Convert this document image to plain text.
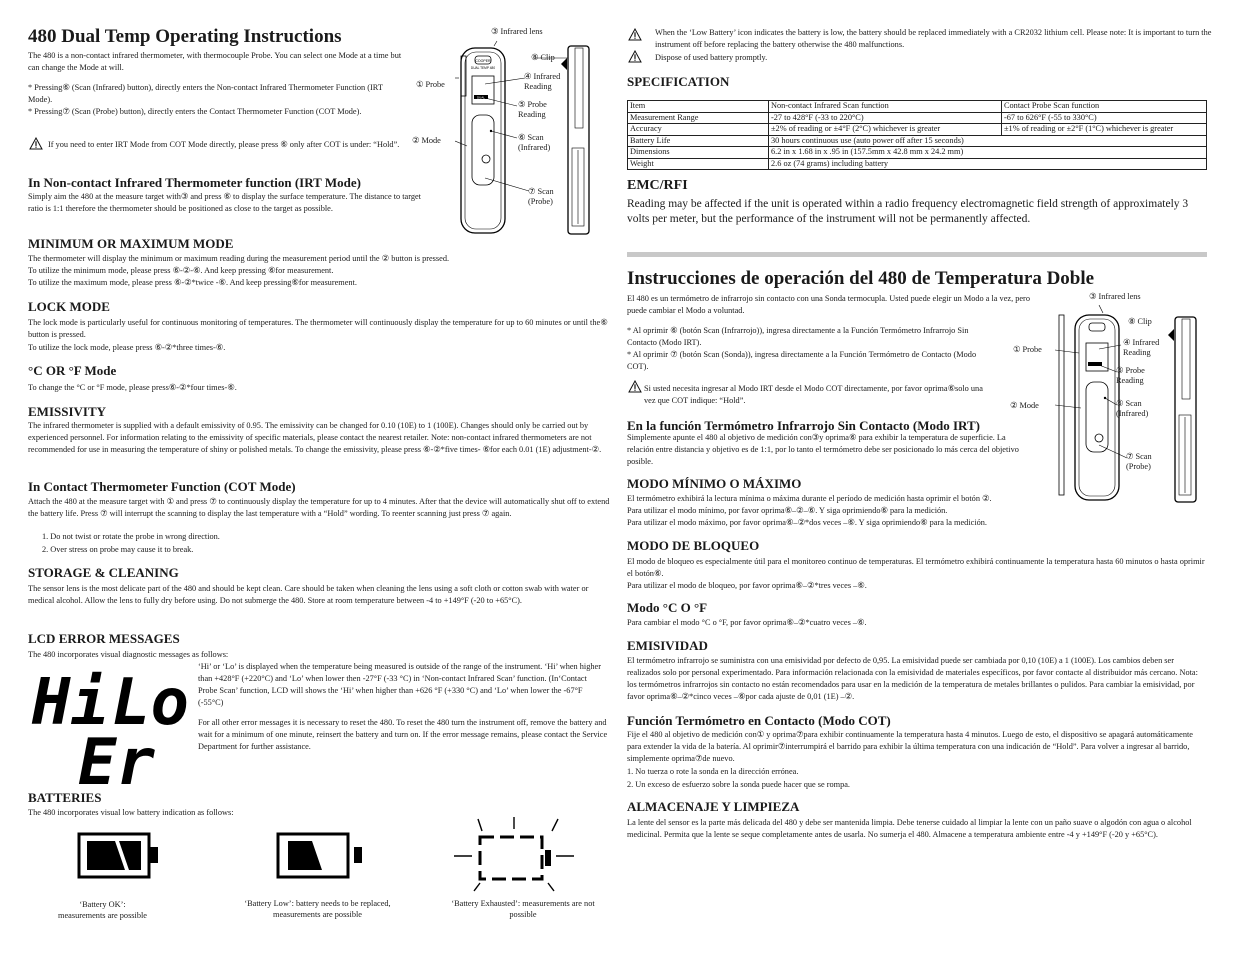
480 Dual Temp Operating Instructions
The 480 is a non-contact infrared thermometer, with thermocouple Probe. You can select one Mode at a time but can change the Mode at will.
* Pressing⑥ (Scan (Infrared) button), directly enters the Non-contact Infrared Thermometer Function (IRT Mode).
* Pressing⑦ (Scan (Probe) button), directly enters the Contact Thermometer Function (COT Mode).
If you need to enter IRT Mode from COT Mode directly, please press ⑥ only after COT is under: “Hold”.
In Non-contact Infrared Thermometer function (IRT Mode)
Simply aim the 480 at the measure target with③ and press ⑥ to display the surface temperature. The distance to target ratio is 1:1 therefore the thermometer should be positioned as close to the target as possible.
MINIMUM OR MAXIMUM MODE
The thermometer will display the minimum or maximum reading during the measurement period until the ② button is pressed.
To utilize the minimum mode, please press ⑥-②-⑥. And keep pressing ⑥for measurement.
To utilize the maximum mode, please press ⑥-②*twice -⑥. And keep pressing⑥for measurement.
LOCK MODE
The lock mode is particularly useful for continuous monitoring of temperatures. The thermometer will continuously display the temperature for up to 60 minutes or until the⑥ button is pressed.
To utilize the lock mode, please press ⑥-②*three times-⑥.
°C OR °F Mode
To change the °C or °F mode, please press⑥-②*four times-⑥.
EMISSIVITY
The infrared thermometer is supplied with a default emissivity of 0.95. The emissivity can be changed for 0.10 (10E) to 1 (100E). Changes should only be carried out by experienced personnel. For information relating to the emissivity of specific materials, please contact the nearest retailer. Note: non-contact infrared thermometers are not recommended for use in measuring the temperature of shiny or polished metals. To change the emissivity, please press ⑥-②*five times- ⑥for each 0.01 (1E) adjustment-②.
In Contact Thermometer Function (COT Mode)
Attach the 480 at the measure target with ① and press ⑦ to continuously display the temperature for up to 4 minutes. After that the device will automatically shut off to extend the battery life. Press ⑦ will interrupt the scanning to display the last temperature with a “Hold” wording. To reenter scanning just press ⑦ again.
1. Do not twist or rotate the probe in wrong direction.
2. Over stress on probe may cause it to break.
STORAGE & CLEANING
The sensor lens is the most delicate part of the 480 and should be kept clean. Care should be taken when cleaning the lens using a soft cloth or cotton swab with water or medical alcohol. Allow the lens to fully dry before using. Do not submerge the 480. Store at room temperature between -4 to +149°F (-20 to +65°C).
LCD ERROR MESSAGES
The 480 incorporates visual diagnostic messages as follows:
Hi Lo
Er
‘Hi’ or ‘Lo’ is displayed when the temperature being measured is outside of the range of the instrument. ‘Hi’ when higher than +428°F (+220°C) and ‘Lo’ when lower then -27°F (-33 °C) in ‘Non-contact Infrared Scan’ function. (In‘Contact Probe Scan’ function, LCD will shows the ‘Hi’ when higher than +626 °F (+330 °C) and ‘Lo’ when lower the -67°F (-55°C)
For all other error messages it is necessary to reset the 480. To reset the 480 turn the instrument off, remove the battery and wait for a minimum of one minute, reinsert the battery and turn on. If the error message remains, please contact the Service Department for further assistance.
BATTERIES
The 480 incorporates visual low battery indication as follows:
‘Battery OK’: measurements are possible
‘Battery Low’: battery needs to be replaced, measurements are possible
‘Battery Exhausted’: measurements are not possible
COOPER
DUAL TEMP 480
DUAL
③ Infrared lens
⑧ Clip
④ Infrared Reading
⑤ Probe Reading
⑥ Scan (Infrared)
⑦ Scan (Probe)
① Probe
② Mode
When the ‘Low Battery’ icon indicates the battery is low, the battery should be replaced immediately with a CR2032 lithium cell. Please note: It is important to turn the instrument off before replacing the battery otherwise the 480 malfunctions.
Dispose of used battery promptly.
SPECIFICATION
Item	Non-contact Infrared Scan function	Contact Probe Scan function
Measurement Range	-27 to 428°F (-33 to 220°C)	-67 to 626°F (-55 to 330°C)
Accuracy	±2% of reading or ±4°F (2°C) whichever is greater	±1% of reading or ±2°F (1°C) whichever is greater
Battery Life	30 hours continuous use (auto power off after 15 seconds)	
Dimensions	6.2 in x 1.68 in x .95 in (157.5mm x 42.8 mm x 24.2 mm)	
Weight	2.6 oz (74 grams) including battery	
EMC/RFI
Reading may be affected if the unit is operated within a radio frequency electromagnetic field strength of approximately 3 volts per meter, but the performance of the instrument will not be permanently affected.
Instrucciones de operación del 480 de Temperatura Doble
El 480 es un termómetro de infrarrojo sin contacto con una Sonda termocupla. Usted puede elegir un Modo a la vez, pero puede cambiar el Modo a voluntad.
* Al oprimir ⑥ (botón Scan (Infrarrojo)), ingresa directamente a la Función Termómetro Infrarrojo Sin Contacto (Modo IRT).
* Al oprimir ⑦ (botón Scan (Sonda)), ingresa directamente a la Función Termómetro de Contacto (Modo COT).
Si usted necesita ingresar al Modo IRT desde el Modo COT directamente, por favor oprima⑥solo una vez que COT indique: “Hold”.
En la función Termómetro Infrarrojo Sin Contacto (Modo IRT)
Simplemente apunte el 480 al objetivo de medición con③y oprima⑥ para exhibir la temperatura de superficie. La relación entre distancia y objetivo es de 1:1, por lo tanto el termómetro debe ser posicionado lo más cerca del objetivo posible.
MODO MÍNIMO O MÁXIMO
El termómetro exhibirá la lectura mínima o máxima durante el período de medición hasta oprimir el botón ②.
Para utilizar el modo mínimo, por favor oprima⑥–②–⑥. Y siga oprimiendo⑥ para la medición.
Para utilizar el modo máximo, por favor oprima⑥–②*dos veces –⑥. Y siga oprimiendo⑥ para la medición.
MODO DE BLOQUEO
El modo de bloqueo es especialmente útil para el monitoreo continuo de temperaturas. El termómetro exhibirá continuamente la temperatura hasta 60 minutos o hasta oprimir el botón⑥.
Para utilizar el modo de bloqueo, por favor oprima⑥–②*tres veces –⑥.
Modo °C O °F
Para cambiar el modo °C o °F, por favor oprima⑥–②*cuatro veces –⑥.
EMISIVIDAD
El termómetro infrarrojo se suministra con una emisividad por defecto de 0,95. La emisividad puede ser cambiada por 0,10 (10E) a 1 (100E). Los cambios deben ser realizados solo por personal experimentado. Para información relacionada con la emisividad de materiales específicos, por favor contacte al distribuidor más cercano. Nota: los termómetros infrarrojos sin contacto no están recomendados para usar en la medición de la temperatura de metales brillantes o pulidos. Para cambiar la emisividad, por favor oprima⑥–②*cinco veces –⑥por cada ajuste de 0,01 (1E) –②.
Función Termómetro en Contacto (Modo COT)
Fije el 480 al objetivo de medición con① y oprima⑦para exhibir continuamente la temperatura hasta 4 minutos. Luego de esto, el dispositivo se apagará automáticamente para extender la vida de la batería. Al oprimir⑦interrumpirá el barrido para exhibir la última temperatura con una indicación de “Hold”. Para volver a ingresar al barrido, simplemente oprima⑦de nuevo.
1. No tuerza o rote la sonda en la dirección errónea.
2. Un exceso de esfuerzo sobre la sonda puede hacer que se rompa.
ALMACENAJE Y LIMPIEZA
La lente del sensor es la parte más delicada del 480 y debe ser mantenida limpia. Debe tenerse cuidado al limpiar la lente con un paño suave o algodón con agua o alcohol medicinal. Permita que la lente se seque completamente antes de usarla. No sumerja el 480. Almacene a temperatura ambiente entre -4 y +149°F (-20 y +65°C).
③ Infrared lens
⑧ Clip
④ Infrared Reading
⑤ Probe Reading
⑥ Scan (Infrared)
⑦ Scan (Probe)
① Probe
② Mode
